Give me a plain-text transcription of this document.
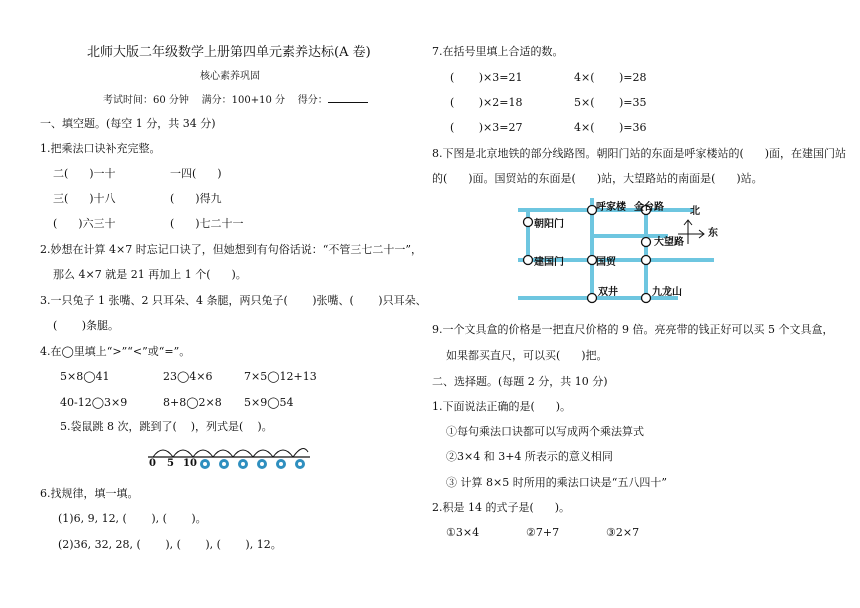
北师大版二年级数学上册第四单元素养达标(A 卷)
核心素养巩固
考试时间：60 分钟    满分：100+10 分    得分：
一、填空题。(每空 1 分，共 34 分)
1.把乘法口诀补充完整。
二(      )一十	一四(      )
三(      )十八	(      )得九
(      )六三十	(      )七二十一
2.妙想在计算 4×7 时忘记口诀了，但她想到有句俗话说：“不管三七二十一”，
那么 4×7 就是 21 再加上 1 个(      )。
3.一只兔子 1 张嘴、2 只耳朵、4 条腿，两只兔子(       )张嘴、(       )只耳朵、
(       )条腿。
4.在◯里填上“>”“<”或“=”。
5×8◯41	23◯4×6	7×5◯12+13
40-12◯3×9	8+8◯2×8 5×9◯54
5.袋鼠跳 8 次，跳到了(    )，列式是(    )。
0 5 10
6.找规律，填一填。
(1)6, 9, 12, (       ), (       )。
(2)36, 32, 28, (       ), (       ), (       ), 12。
7.在括号里填上合适的数。
(       )×3=21	4×(       )=28
(       )×2=18	5×(       )=35
(       )×3=27	4×(       )=36
8.下图是北京地铁的部分线路图。朝阳门站的东面是呼家楼站的(      )面，在建国门站
的(      )面。国贸站的东面是(      )站，大望路站的南面是(      )站。
呼家楼 金台路
朝阳门
大望路
建国门	国贸
双井	九龙山
北
东
9.一个文具盒的价格是一把直尺价格的 9 倍。亮亮带的钱正好可以买 5 个文具盒，
如果都买直尺，可以买(      )把。
二、选择题。(每题 2 分，共 10 分)
1.下面说法正确的是(      )。
①每句乘法口诀都可以写成两个乘法算式
②3×4 和 3+4 所表示的意义相同
③ 计算 8×5 时所用的乘法口诀是“五八四十”
2.积是 14 的式子是(      )。
①3×4	②7+7	③2×7
